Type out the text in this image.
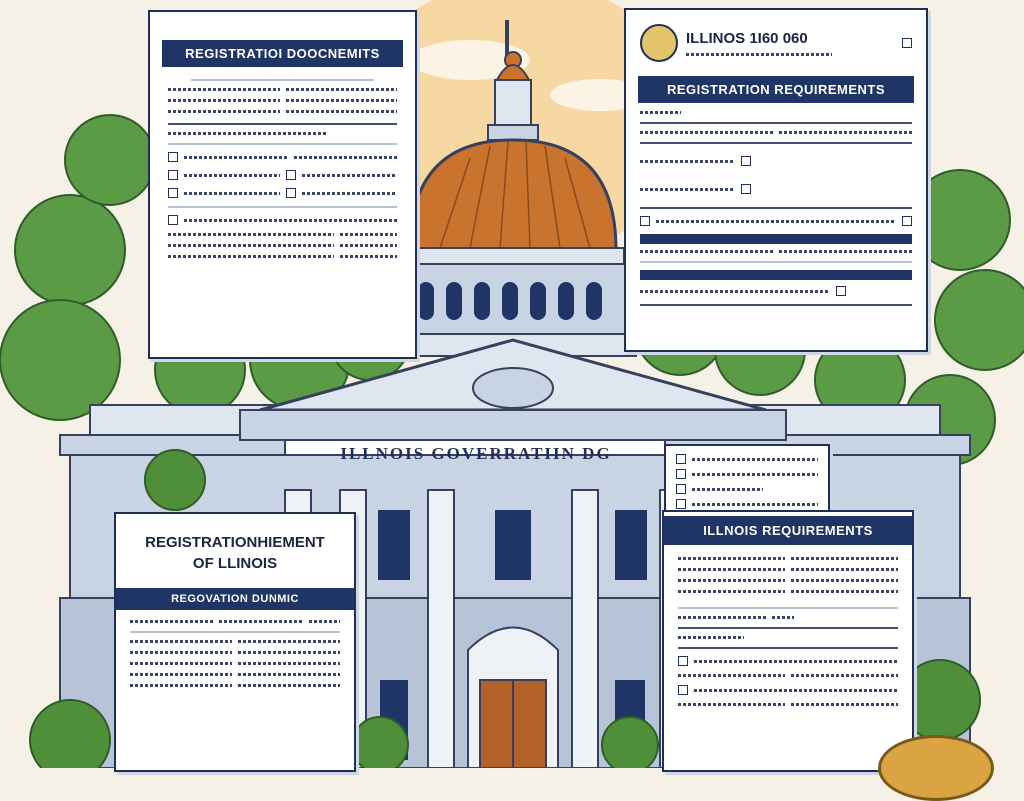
ILLNOIS GOVERRATIIN DG
REGISTRATIOI DOOCNEMITS
ILLINOS 1I60 060
REGISTRATION REQUIREMENTS
REGISTRATIONHIEMENT
OF LLINOIS
REGOVATION DUNMIC
ILLNOIS REQUIREMENTS
